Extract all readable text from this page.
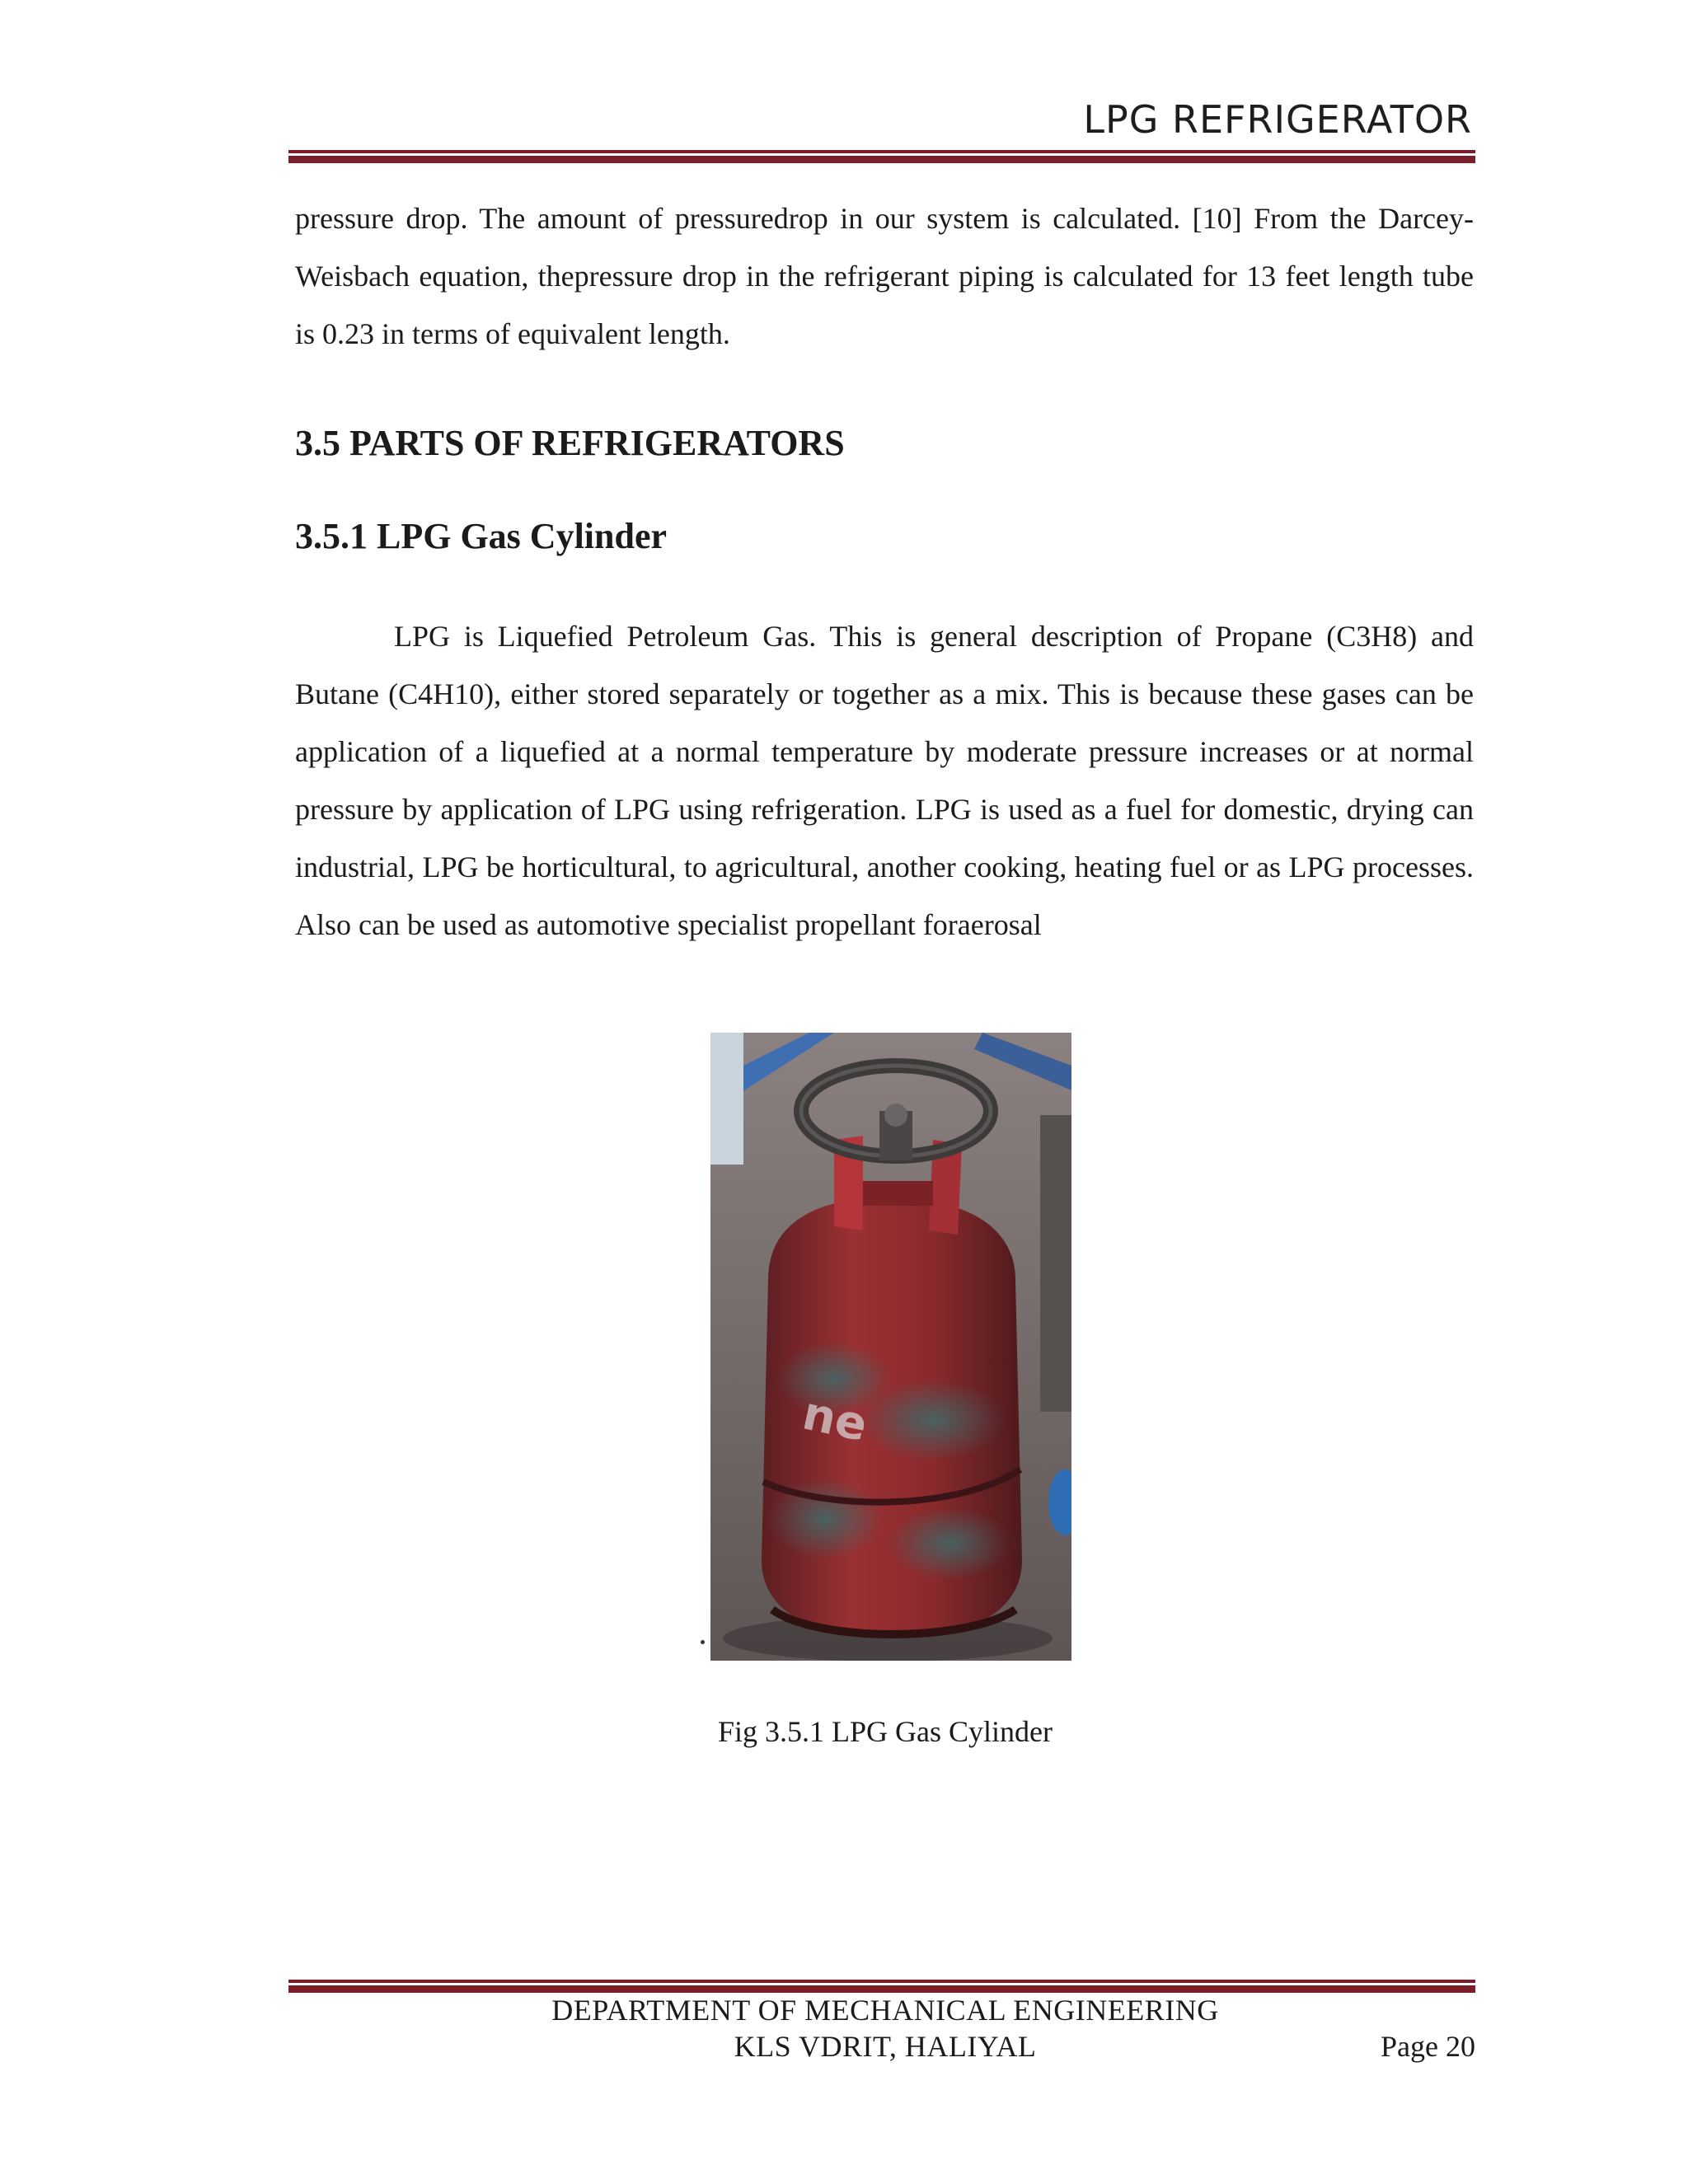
LPG REFRIGERATOR
pressure drop. The amount of pressuredrop in our system is calculated. [10] From the Darcey-Weisbach equation, thepressure drop in the refrigerant piping is calculated for 13 feet length tube is 0.23 in terms of equivalent length.
3.5 PARTS OF REFRIGERATORS
3.5.1 LPG Gas Cylinder
LPG is Liquefied Petroleum Gas. This is general description of Propane (C3H8) and Butane (C4H10), either stored separately or together as a mix. This is because these gases can be application of a liquefied at a normal temperature by moderate pressure increases or at normal pressure by application of LPG using refrigeration. LPG is used as a fuel for domestic, drying can industrial, LPG be horticultural, to agricultural, another cooking, heating fuel or as LPG processes. Also can be used as automotive specialist propellant foraerosal
ne
Fig 3.5.1 LPG Gas Cylinder
DEPARTMENT OF MECHANICAL ENGINEERING
KLS VDRIT, HALIYAL	Page 20
